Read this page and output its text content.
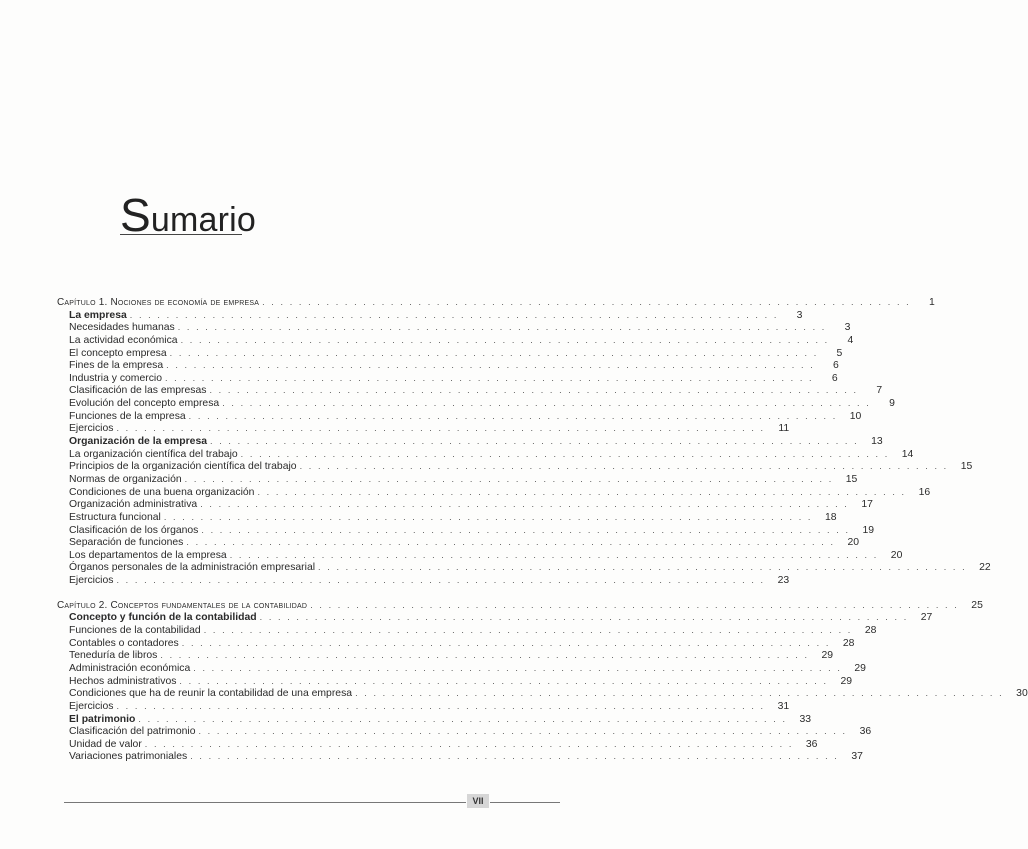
Sumario
Capítulo 1. Nociones de economía de empresa . . . . . . . . . . . . . . . . . . . . . . . . . . . . . . . . . . . . . . . . . . . . . . . . . . . . . . . . . . . . . . . . . . . . . . .	1
La empresa . . . . . . . . . . . . . . . . . . . . . . . . . . . . . . . . . . . . . . . . . . . . . . . . . . . . . . . . . . . . . . . . . . . . . . .	3
Necesidades humanas . . . . . . . . . . . . . . . . . . . . . . . . . . . . . . . . . . . . . . . . . . . . . . . . . . . . . . . . . . . . . . . . . . . . . . .	3
La actividad económica . . . . . . . . . . . . . . . . . . . . . . . . . . . . . . . . . . . . . . . . . . . . . . . . . . . . . . . . . . . . . . . . . . . . . . .	4
El concepto empresa . . . . . . . . . . . . . . . . . . . . . . . . . . . . . . . . . . . . . . . . . . . . . . . . . . . . . . . . . . . . . . . . . . . . . . .	5
Fines de la empresa . . . . . . . . . . . . . . . . . . . . . . . . . . . . . . . . . . . . . . . . . . . . . . . . . . . . . . . . . . . . . . . . . . . . . . .	6
Industria y comercio . . . . . . . . . . . . . . . . . . . . . . . . . . . . . . . . . . . . . . . . . . . . . . . . . . . . . . . . . . . . . . . . . . . . . . .	6
Clasificación de las empresas . . . . . . . . . . . . . . . . . . . . . . . . . . . . . . . . . . . . . . . . . . . . . . . . . . . . . . . . . . . . . . . . . . . . . . .	7
Evolución del concepto empresa . . . . . . . . . . . . . . . . . . . . . . . . . . . . . . . . . . . . . . . . . . . . . . . . . . . . . . . . . . . . . . . . . . . . . . .	9
Funciones de la empresa . . . . . . . . . . . . . . . . . . . . . . . . . . . . . . . . . . . . . . . . . . . . . . . . . . . . . . . . . . . . . . . . . . . . . . .	10
Ejercicios . . . . . . . . . . . . . . . . . . . . . . . . . . . . . . . . . . . . . . . . . . . . . . . . . . . . . . . . . . . . . . . . . . . . . . .	11
Organización de la empresa . . . . . . . . . . . . . . . . . . . . . . . . . . . . . . . . . . . . . . . . . . . . . . . . . . . . . . . . . . . . . . . . . . . . . . .	13
La organización científica del trabajo . . . . . . . . . . . . . . . . . . . . . . . . . . . . . . . . . . . . . . . . . . . . . . . . . . . . . . . . . . . . . . . . . . . . . . .	14
Principios de la organización científica del trabajo . . . . . . . . . . . . . . . . . . . . . . . . . . . . . . . . . . . . . . . . . . . . . . . . . . . . . . . . . . . . . . . . . . . . . . .	15
Normas de organización . . . . . . . . . . . . . . . . . . . . . . . . . . . . . . . . . . . . . . . . . . . . . . . . . . . . . . . . . . . . . . . . . . . . . . .	15
Condiciones de una buena organización . . . . . . . . . . . . . . . . . . . . . . . . . . . . . . . . . . . . . . . . . . . . . . . . . . . . . . . . . . . . . . . . . . . . . . .	16
Organización administrativa . . . . . . . . . . . . . . . . . . . . . . . . . . . . . . . . . . . . . . . . . . . . . . . . . . . . . . . . . . . . . . . . . . . . . . .	17
Estructura funcional . . . . . . . . . . . . . . . . . . . . . . . . . . . . . . . . . . . . . . . . . . . . . . . . . . . . . . . . . . . . . . . . . . . . . . .	18
Clasificación de los órganos . . . . . . . . . . . . . . . . . . . . . . . . . . . . . . . . . . . . . . . . . . . . . . . . . . . . . . . . . . . . . . . . . . . . . . .	19
Separación de funciones . . . . . . . . . . . . . . . . . . . . . . . . . . . . . . . . . . . . . . . . . . . . . . . . . . . . . . . . . . . . . . . . . . . . . . .	20
Los departamentos de la empresa . . . . . . . . . . . . . . . . . . . . . . . . . . . . . . . . . . . . . . . . . . . . . . . . . . . . . . . . . . . . . . . . . . . . . . .	20
Órganos personales de la administración empresarial . . . . . . . . . . . . . . . . . . . . . . . . . . . . . . . . . . . . . . . . . . . . . . . . . . . . . . . . . . . . . . . . . . . . . . .	22
Ejercicios . . . . . . . . . . . . . . . . . . . . . . . . . . . . . . . . . . . . . . . . . . . . . . . . . . . . . . . . . . . . . . . . . . . . . . .	23
Capítulo 2. Conceptos fundamentales de la contabilidad . . . . . . . . . . . . . . . . . . . . . . . . . . . . . . . . . . . . . . . . . . . . . . . . . . . . . . . . . . . . . . . . . . . . . . .	25
Concepto y función de la contabilidad . . . . . . . . . . . . . . . . . . . . . . . . . . . . . . . . . . . . . . . . . . . . . . . . . . . . . . . . . . . . . . . . . . . . . . .	27
Funciones de la contabilidad . . . . . . . . . . . . . . . . . . . . . . . . . . . . . . . . . . . . . . . . . . . . . . . . . . . . . . . . . . . . . . . . . . . . . . .	28
Contables o contadores . . . . . . . . . . . . . . . . . . . . . . . . . . . . . . . . . . . . . . . . . . . . . . . . . . . . . . . . . . . . . . . . . . . . . . .	28
Teneduría de libros . . . . . . . . . . . . . . . . . . . . . . . . . . . . . . . . . . . . . . . . . . . . . . . . . . . . . . . . . . . . . . . . . . . . . . .	29
Administración económica . . . . . . . . . . . . . . . . . . . . . . . . . . . . . . . . . . . . . . . . . . . . . . . . . . . . . . . . . . . . . . . . . . . . . . .	29
Hechos administrativos . . . . . . . . . . . . . . . . . . . . . . . . . . . . . . . . . . . . . . . . . . . . . . . . . . . . . . . . . . . . . . . . . . . . . . .	29
Condiciones que ha de reunir la contabilidad de una empresa . . . . . . . . . . . . . . . . . . . . . . . . . . . . . . . . . . . . . . . . . . . . . . . . . . . . . . . . . . . . . . . . . . . . . . .	30
Ejercicios . . . . . . . . . . . . . . . . . . . . . . . . . . . . . . . . . . . . . . . . . . . . . . . . . . . . . . . . . . . . . . . . . . . . . . .	31
El patrimonio . . . . . . . . . . . . . . . . . . . . . . . . . . . . . . . . . . . . . . . . . . . . . . . . . . . . . . . . . . . . . . . . . . . . . . .	33
Clasificación del patrimonio . . . . . . . . . . . . . . . . . . . . . . . . . . . . . . . . . . . . . . . . . . . . . . . . . . . . . . . . . . . . . . . . . . . . . . .	36
Unidad de valor . . . . . . . . . . . . . . . . . . . . . . . . . . . . . . . . . . . . . . . . . . . . . . . . . . . . . . . . . . . . . . . . . . . . . . .	36
Variaciones patrimoniales . . . . . . . . . . . . . . . . . . . . . . . . . . . . . . . . . . . . . . . . . . . . . . . . . . . . . . . . . . . . . . . . . . . . . . .	37
VII
